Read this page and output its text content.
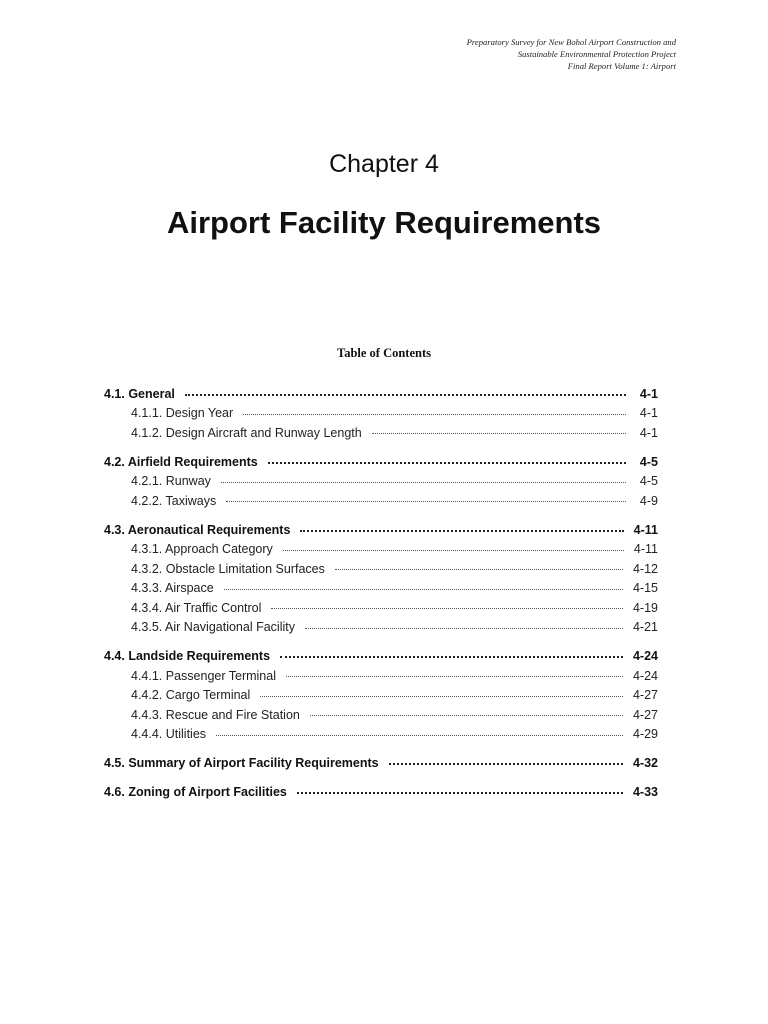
Preparatory Survey for New Bohol Airport Construction and
Sustainable Environmental Protection Project
Final Report Volume 1: Airport
Chapter 4
Airport Facility Requirements
Table of Contents
4.1. General	4-1
4.1.1. Design Year	4-1
4.1.2. Design Aircraft and Runway Length	4-1
4.2. Airfield Requirements	4-5
4.2.1. Runway	4-5
4.2.2. Taxiways	4-9
4.3. Aeronautical Requirements	4-11
4.3.1. Approach Category	4-11
4.3.2. Obstacle Limitation Surfaces	4-12
4.3.3. Airspace	4-15
4.3.4. Air Traffic Control	4-19
4.3.5. Air Navigational Facility	4-21
4.4. Landside Requirements	4-24
4.4.1. Passenger Terminal	4-24
4.4.2. Cargo Terminal	4-27
4.4.3. Rescue and Fire Station	4-27
4.4.4. Utilities	4-29
4.5. Summary of Airport Facility Requirements	4-32
4.6. Zoning of Airport Facilities	4-33
